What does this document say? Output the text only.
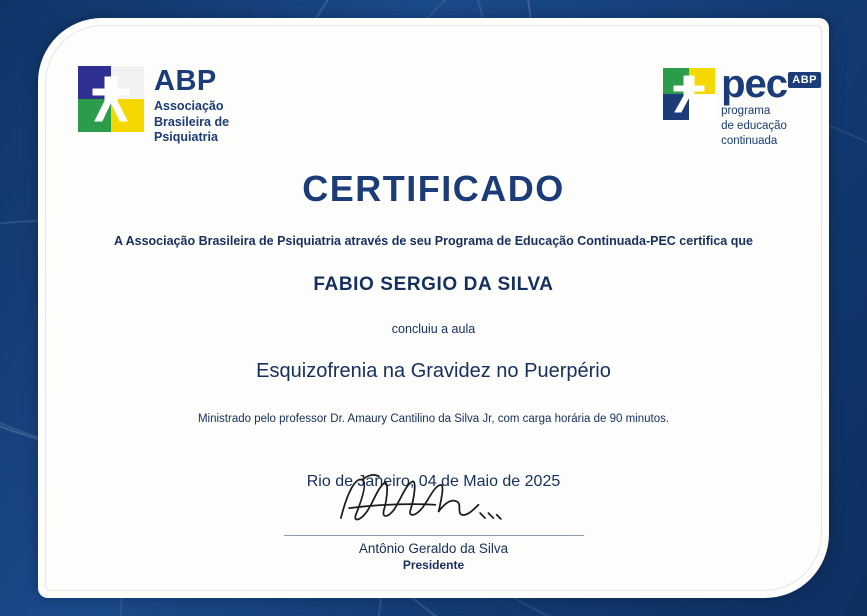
ABP
Associação
Brasileira de
Psiquiatria
pec ABP
programa
de educação
continuada
CERTIFICADO
A Associação Brasileira de Psiquiatria através de seu Programa de Educação Continuada-PEC certifica que
FABIO SERGIO DA SILVA
concluiu a aula
Esquizofrenia na Gravidez no Puerpério
Ministrado pelo professor Dr. Amaury Cantilino da Silva Jr, com carga horária de 90 minutos.
Rio de Janeiro, 04 de Maio de 2025
Antônio Geraldo da Silva
Presidente
